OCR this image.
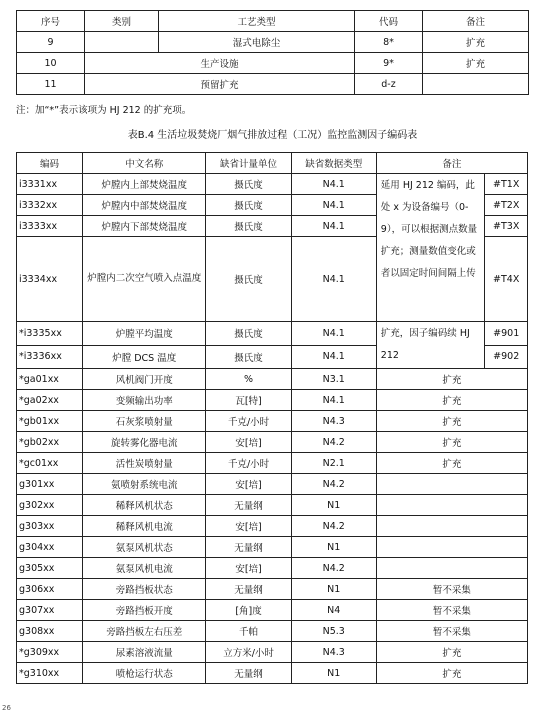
序号	类别	工艺类型	代码	备注
9		湿式电除尘	8*	扩充
10	生产设施		9*	扩充
11	预留扩充		d-z	
注：加“*”表示该项为 HJ 212 的扩充项。
表B.4 生活垃圾焚烧厂烟气排放过程（工况）监控监测因子编码表
编码	中文名称	缺省计量单位	缺省数据类型	备注	
i3331xx	炉膛内上部焚烧温度	摄氏度	N4.1	延用 HJ 212 编码，此处 x 为设备编号（0-9），可以根据测点数量扩充；测量数值变化或者以固定时间间隔上传	#T1X
i3332xx	炉膛内中部焚烧温度	摄氏度	N4.1		#T2X
i3333xx	炉膛内下部焚烧温度	摄氏度	N4.1		#T3X
i3334xx	炉膛内二次空气喷入点温度	摄氏度	N4.1		#T4X
*i3335xx	炉膛平均温度	摄氏度	N4.1	扩充，因子编码续 HJ 212	#901
*i3336xx	炉膛 DCS 温度	摄氏度	N4.1		#902
*ga01xx	风机阀门开度	%	N3.1	扩充	
*ga02xx	变频输出功率	瓦[特]	N4.1	扩充	
*gb01xx	石灰浆喷射量	千克/小时	N4.3	扩充	
*gb02xx	旋转雾化器电流	安[培]	N4.2	扩充	
*gc01xx	活性炭喷射量	千克/小时	N2.1	扩充	
g301xx	氨喷射系统电流	安[培]	N4.2		
g302xx	稀释风机状态	无量纲	N1		
g303xx	稀释风机电流	安[培]	N4.2		
g304xx	氨泵风机状态	无量纲	N1		
g305xx	氨泵风机电流	安[培]	N4.2		
g306xx	旁路挡板状态	无量纲	N1	暂不采集	
g307xx	旁路挡板开度	[角]度	N4	暂不采集	
g308xx	旁路挡板左右压差	千帕	N5.3	暂不采集	
*g309xx	尿素溶液流量	立方米/小时	N4.3	扩充	
*g310xx	喷枪运行状态	无量纲	N1	扩充	
26
